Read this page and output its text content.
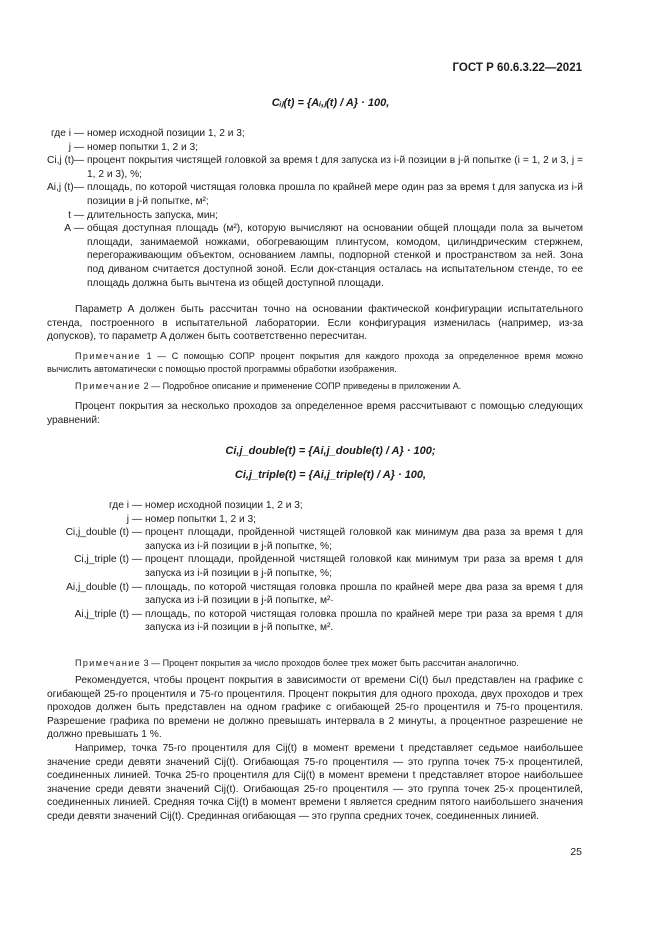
ГОСТ Р 60.6.3.22—2021
Cᵢⱼ(t) = {Aᵢ,ⱼ(t) / A} · 100,
где i — номер исходной позиции 1, 2 и 3;
j — номер попытки 1, 2 и 3;
Ci,j (t) — процент покрытия чистящей головкой за время t для запуска из i-й позиции в j-й попытке (i = 1, 2 и 3, j = 1, 2 и 3), %;
Ai,j (t) — площадь, по которой чистящая головка прошла по крайней мере один раз за время t для запуска из i-й позиции в j-й попытке, м²;
t — длительность запуска, мин;
A — общая доступная площадь (м²), которую вычисляют на основании общей площади пола за вычетом площади, занимаемой ножками, обогревающим плинтусом, комодом, цилиндрическим стержнем, перегораживающим объектом, основанием лампы, подпорной стенкой и пространством за ней. Зона под диваном считается доступной зоной. Если док-станция осталась на испытательном стенде, то ее площадь должна быть вычтена из общей доступной площади.
Параметр A должен быть рассчитан точно на основании фактической конфигурации испытательного стенда, построенного в испытательной лаборатории. Если конфигурация изменилась (например, из-за допусков), то параметр A должен быть соответственно пересчитан.
Примечание 1 — С помощью СОПР процент покрытия для каждого прохода за определенное время можно вычислить автоматически с помощью простой программы обработки изображения.
Примечание 2 — Подробное описание и применение СОПР приведены в приложении А.
Процент покрытия за несколько проходов за определенное время рассчитывают с помощью следующих уравнений:
Ci,j_double(t) = {Ai,j_double(t) / A} · 100;
Ci,j_triple(t) = {Ai,j_triple(t) / A} · 100,
где i — номер исходной позиции 1, 2 и 3;
j — номер попытки 1, 2 и 3;
Ci,j_double (t) — процент площади, пройденной чистящей головкой как минимум два раза за время t для запуска из i-й позиции в j-й попытке, %;
Ci,j_triple (t) — процент площади, пройденной чистящей головкой как минимум три раза за время t для запуска из i-й позиции в j-й попытке, %;
Ai,j_double (t) — площадь, по которой чистящая головка прошла по крайней мере два раза за время t для запуска из i-й позиции в j-й попытке, м²·
Ai,j_triple (t) — площадь, по которой чистящая головка прошла по крайней мере три раза за время t для запуска из i-й позиции в j-й попытке, м².
Примечание 3 — Процент покрытия за число проходов более трех может быть рассчитан аналогично.
Рекомендуется, чтобы процент покрытия в зависимости от времени Ci(t) был представлен на графике с огибающей 25-го процентиля и 75-го процентиля. Процент покрытия для одного прохода, двух проходов и трех проходов должен быть представлен на одном графике с огибающей 25-го процентиля и 75-го процентиля. Разрешение графика по времени не должно превышать интервала в 2 минуты, а процентное разрешение не должно превышать 1 %.
Например, точка 75-го процентиля для Cij(t) в момент времени t представляет седьмое наибольшее значение среди девяти значений Cij(t). Огибающая 75-го процентиля — это группа точек 75-х процентилей, соединенных линией. Точка 25-го процентиля для Cij(t) в момент времени t представляет второе наибольшее значение среди девяти значений Cij(t). Огибающая 25-го процентиля — это группа точек 25-х процентилей, соединенных линией. Средняя точка Cij(t) в момент времени t является средним пятого наибольшего значения среди девяти значений Cij(t). Срединная огибающая — это группа средних точек, соединенных линией.
25
